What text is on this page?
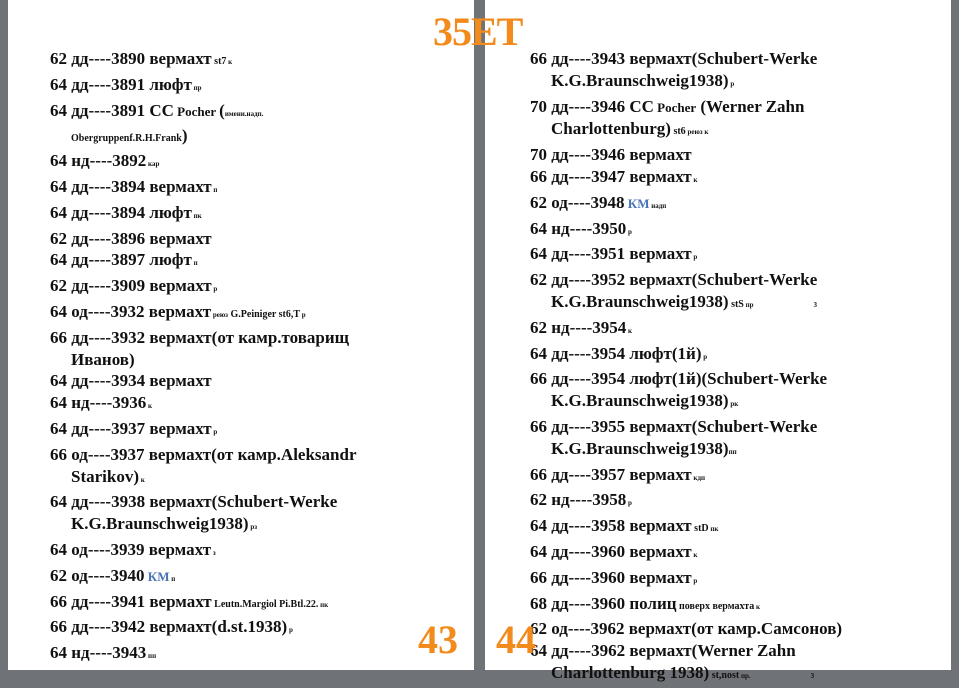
62 дд----3890 вермахт st7 к
64 дд----3891 люфт пр
64 дд----3891 СС Pocher (имени.надп.
Obergruppenf.R.H.Frank)
64 нд----3892 кар
64 дд----3894 вермахт п
64 дд----3894 люфт пк
62 дд----3896 вермахт
64 дд----3897 люфт п
62 дд----3909 вермахт р
64 од----3932 вермахт реюз G.Peiniger st6,T р
66 дд----3932 вермахт(от камр.товарищ
Иванов)
64 дд----3934 вермахт
64 нд----3936 к
64 дд----3937 вермахт р
66 од----3937 вермахт(от камр.Aleksandr
Starikov) к
64 дд----3938 вермахт(Schubert-Werke
K.G.Braunschweig1938) рз
64 од----3939 вермахт з
62 од----3940 КМ п
66 дд----3941 вермахт Leutn.Margiol Pi.Btl.22. пк
66 дд----3942 вермахт(d.st.1938) р
64 нд----3943 пп
66 дд----3943 вермахт(Schubert-Werke
K.G.Braunschweig1938) р
70 дд----3946 СС Pocher (Werner Zahn
Charlottenburg) st6 реюз к
70 дд----3946 вермахт
66 дд----3947 вермахт к
62 од----3948 КМ надп
64 нд----3950 р
64 дд----3951 вермахт р
62 дд----3952 вермахт(Schubert-Werke
K.G.Braunschweig1938) stS пр	3
62 нд----3954 к
64 дд----3954 люфт(1й) р
66 дд----3954 люфт(1й)(Schubert-Werke
K.G.Braunschweig1938) рк
66 дд----3955 вермахт(Schubert-Werke
K.G.Braunschweig1938)пп
66 дд----3957 вермахт кдп
62 нд----3958 р
64 дд----3958 вермахт stD пк
64 дд----3960 вермахт к
66 дд----3960 вермахт р
68 дд----3960 полиц поверх вермахта к
62 од----3962 вермахт(от камр.Самсонов)
64 дд----3962 вермахт(Werner Zahn
Charlottenburg 1938) st,nost пр.	3
35ЕТ
43 44
